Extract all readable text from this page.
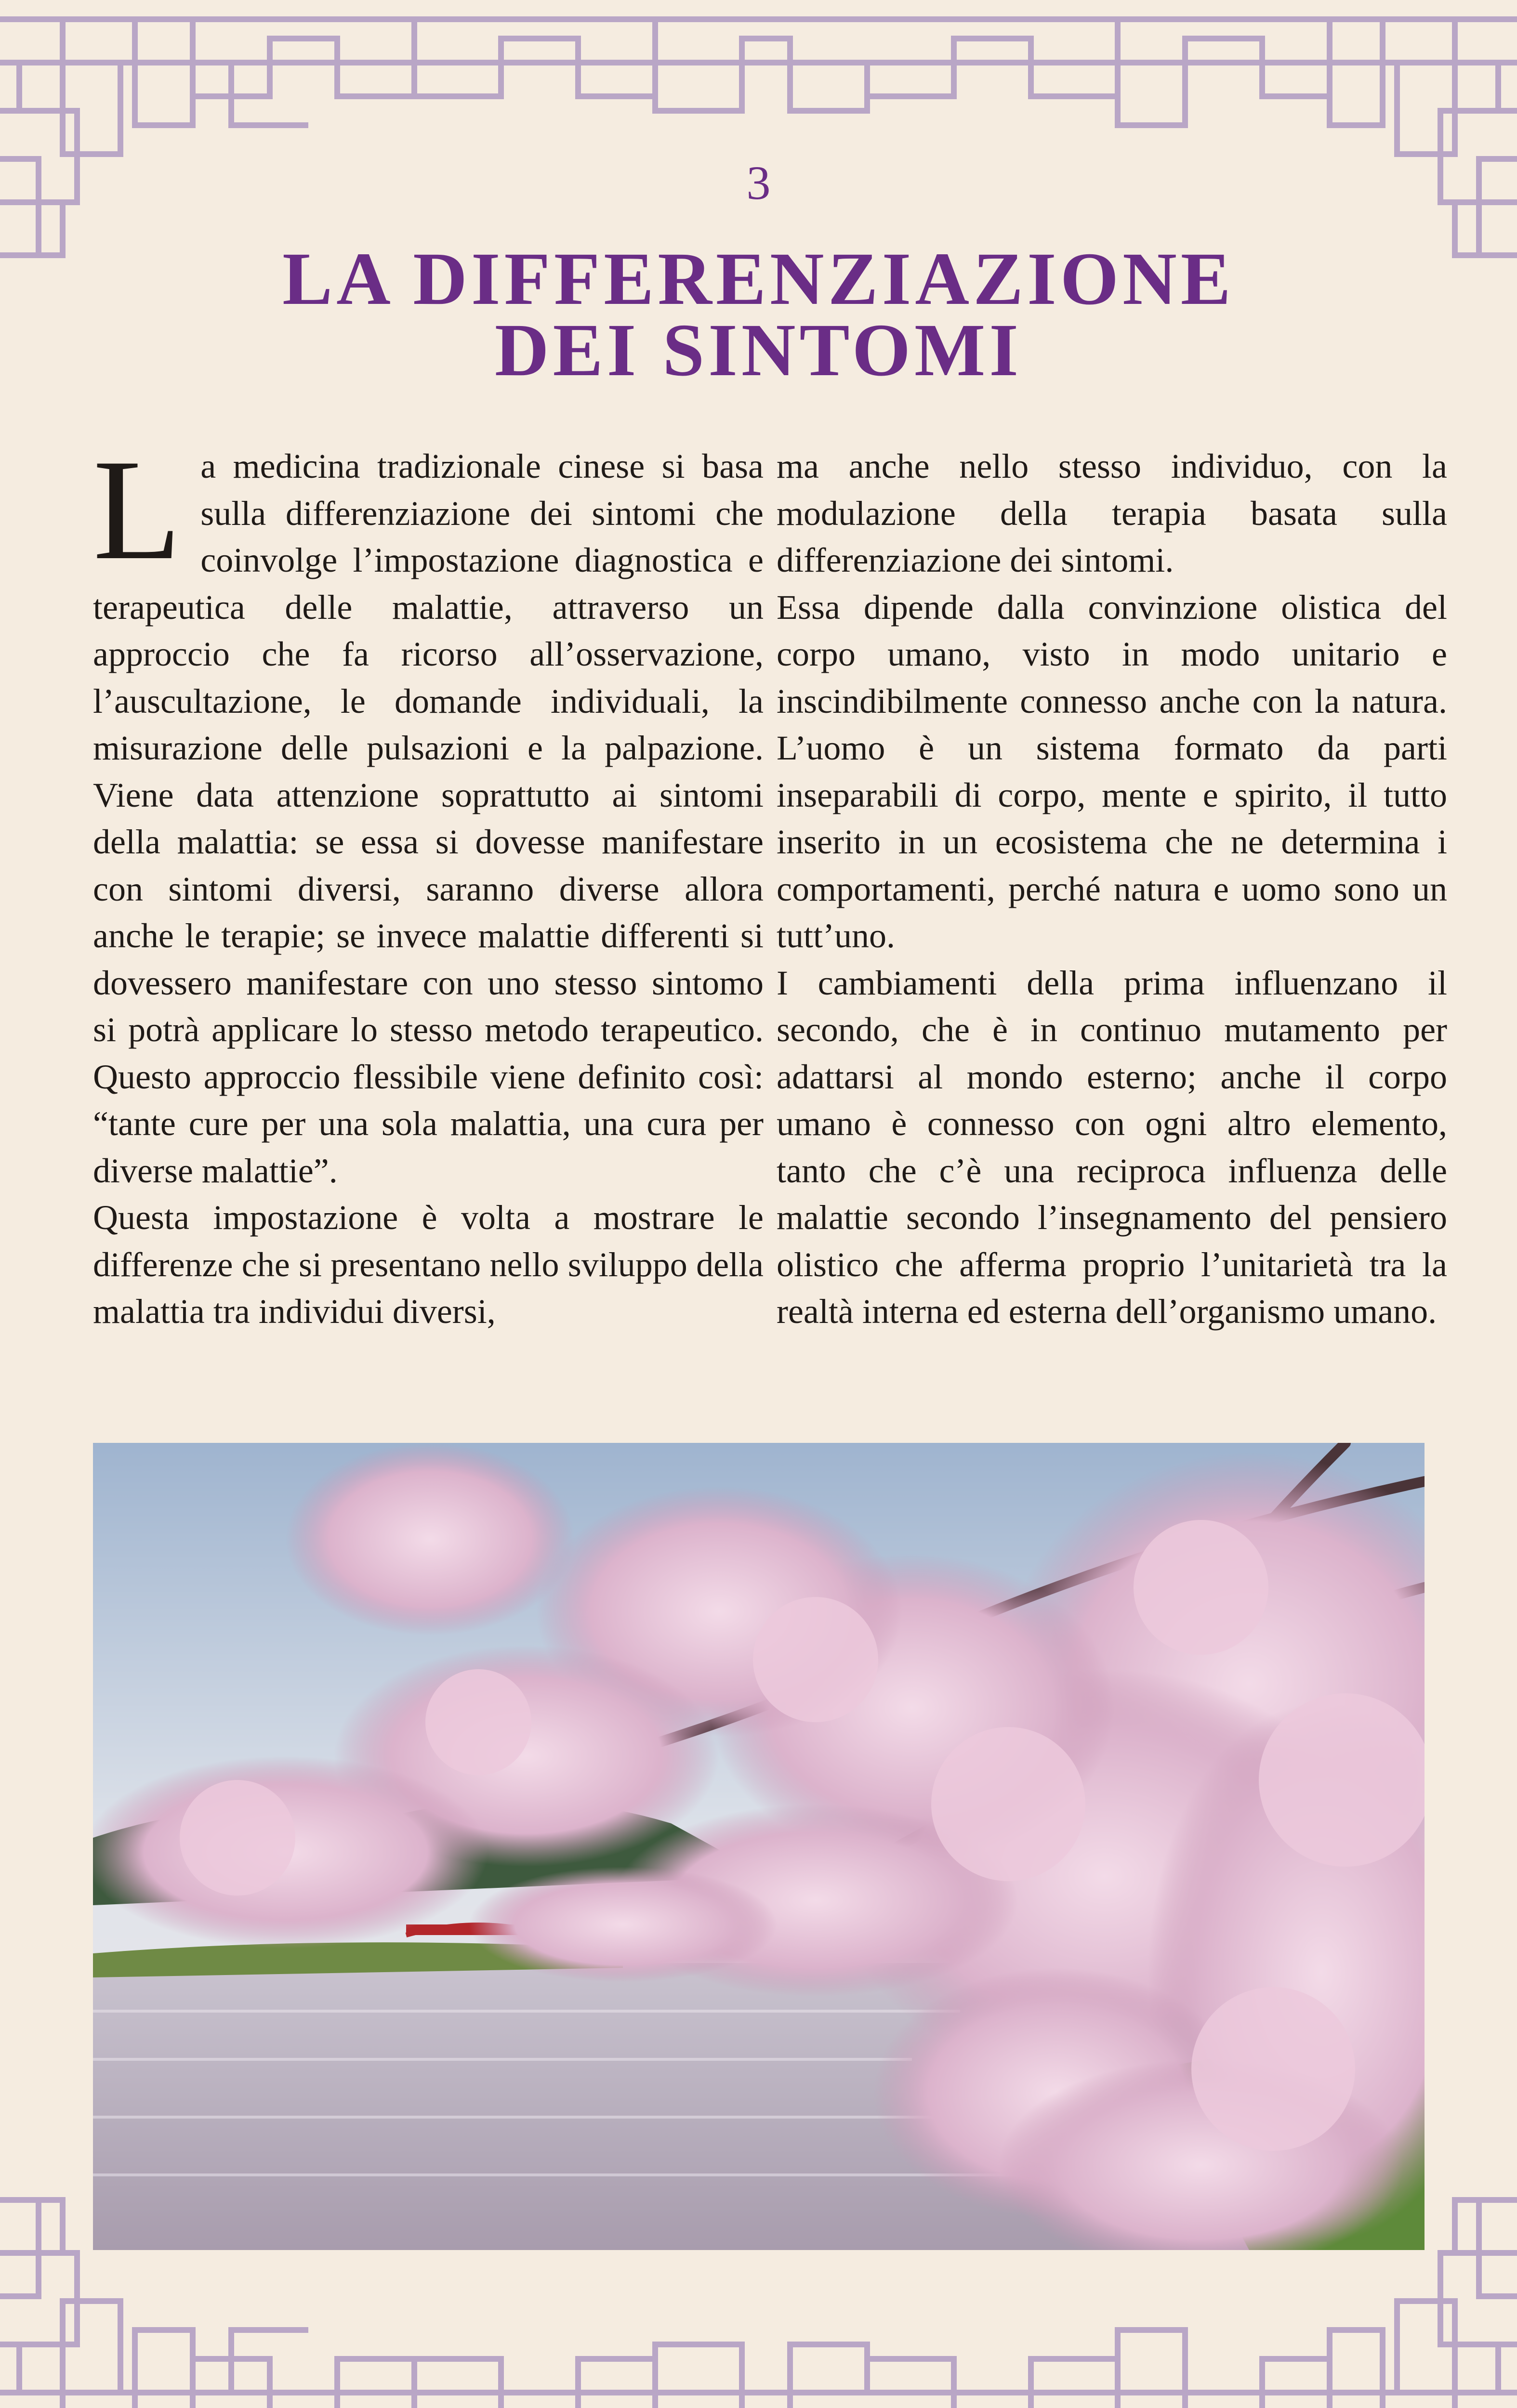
3
LA DIFFERENZIAZIONE
DEI SINTOMI

La medicina tradizionale cinese si basa sulla differenziazione dei sintomi che coinvolge l’impostazione diagnostica e terapeutica delle malattie, attraverso un approccio che fa ricorso all’osservazione, l’auscultazione, le domande individuali, la misurazione delle pulsazioni e la palpazione. Viene data attenzione soprattutto ai sintomi della malattia: se essa si dovesse manifestare con sintomi diversi, saranno diverse allora anche le terapie; se invece malattie differenti si dovessero manifestare con uno stesso sintomo si potrà applicare lo stesso metodo terapeutico. Questo approccio flessibile viene definito così: “tante cure per una sola malattia, una cura per diverse malattie”.

Questa impostazione è volta a mostrare le differenze che si presentano nello sviluppo della malattia tra individui diversi,

ma anche nello stesso individuo, con la modulazione della terapia basata sulla differenziazione dei sintomi.

Essa dipende dalla convinzione olistica del corpo umano, visto in modo unitario e inscindibilmente connesso anche con la natura. L’uomo è un sistema formato da parti inseparabili di corpo, mente e spirito, il tutto inserito in un ecosistema che ne determina i comportamenti, perché natura e uomo sono un tutt’uno.

I cambiamenti della prima influenzano il secondo, che è in continuo mutamento per adattarsi al mondo esterno; anche il corpo umano è connesso con ogni altro elemento, tanto che c’è una reciproca influenza delle malattie secondo l’insegnamento del pensiero olistico che afferma proprio l’unitarietà tra la realtà interna ed esterna dell’organismo umano.
